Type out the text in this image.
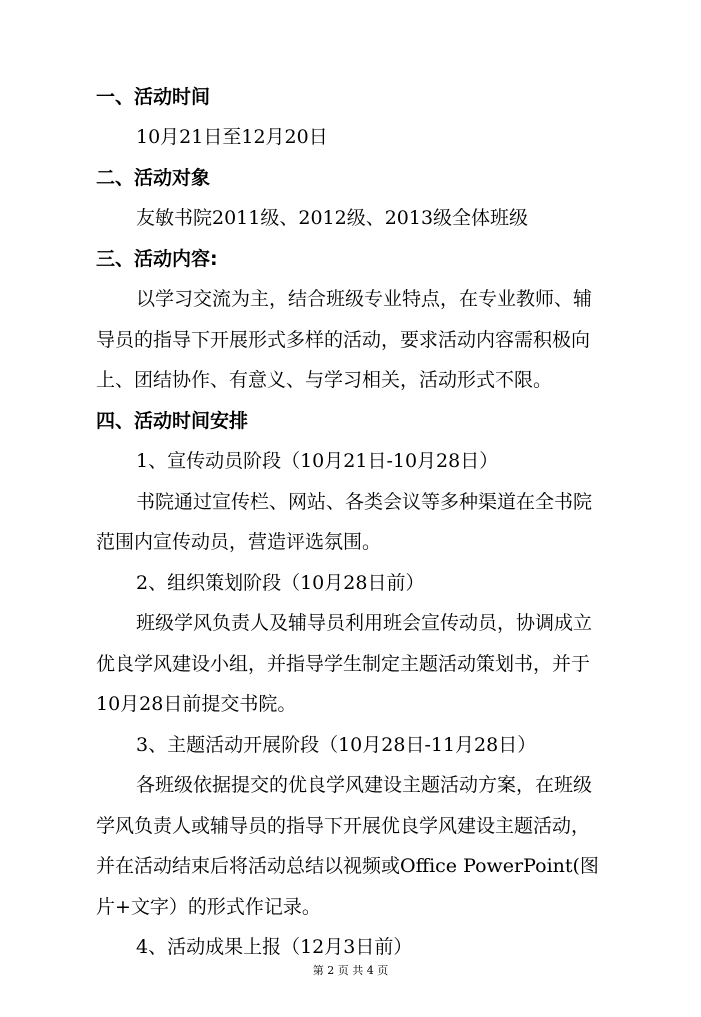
一、活动时间
10月21日至12月20日
二、活动对象
友敏书院2011级、2012级、2013级全体班级
三、活动内容:
以学习交流为主，结合班级专业特点，在专业教师、辅
导员的指导下开展形式多样的活动，要求活动内容需积极向
上、团结协作、有意义、与学习相关，活动形式不限。
四、活动时间安排
1、宣传动员阶段（10月21日-10月28日）
书院通过宣传栏、网站、各类会议等多种渠道在全书院
范围内宣传动员，营造评选氛围。
2、组织策划阶段（10月28日前）
班级学风负责人及辅导员利用班会宣传动员，协调成立
优良学风建设小组，并指导学生制定主题活动策划书，并于
10月28日前提交书院。
3、主题活动开展阶段（10月28日-11月28日）
各班级依据提交的优良学风建设主题活动方案，在班级
学风负责人或辅导员的指导下开展优良学风建设主题活动，
并在活动结束后将活动总结以视频或Office PowerPoint(图
片+文字）的形式作记录。
4、活动成果上报（12月3日前）
第 2 页 共 4 页
